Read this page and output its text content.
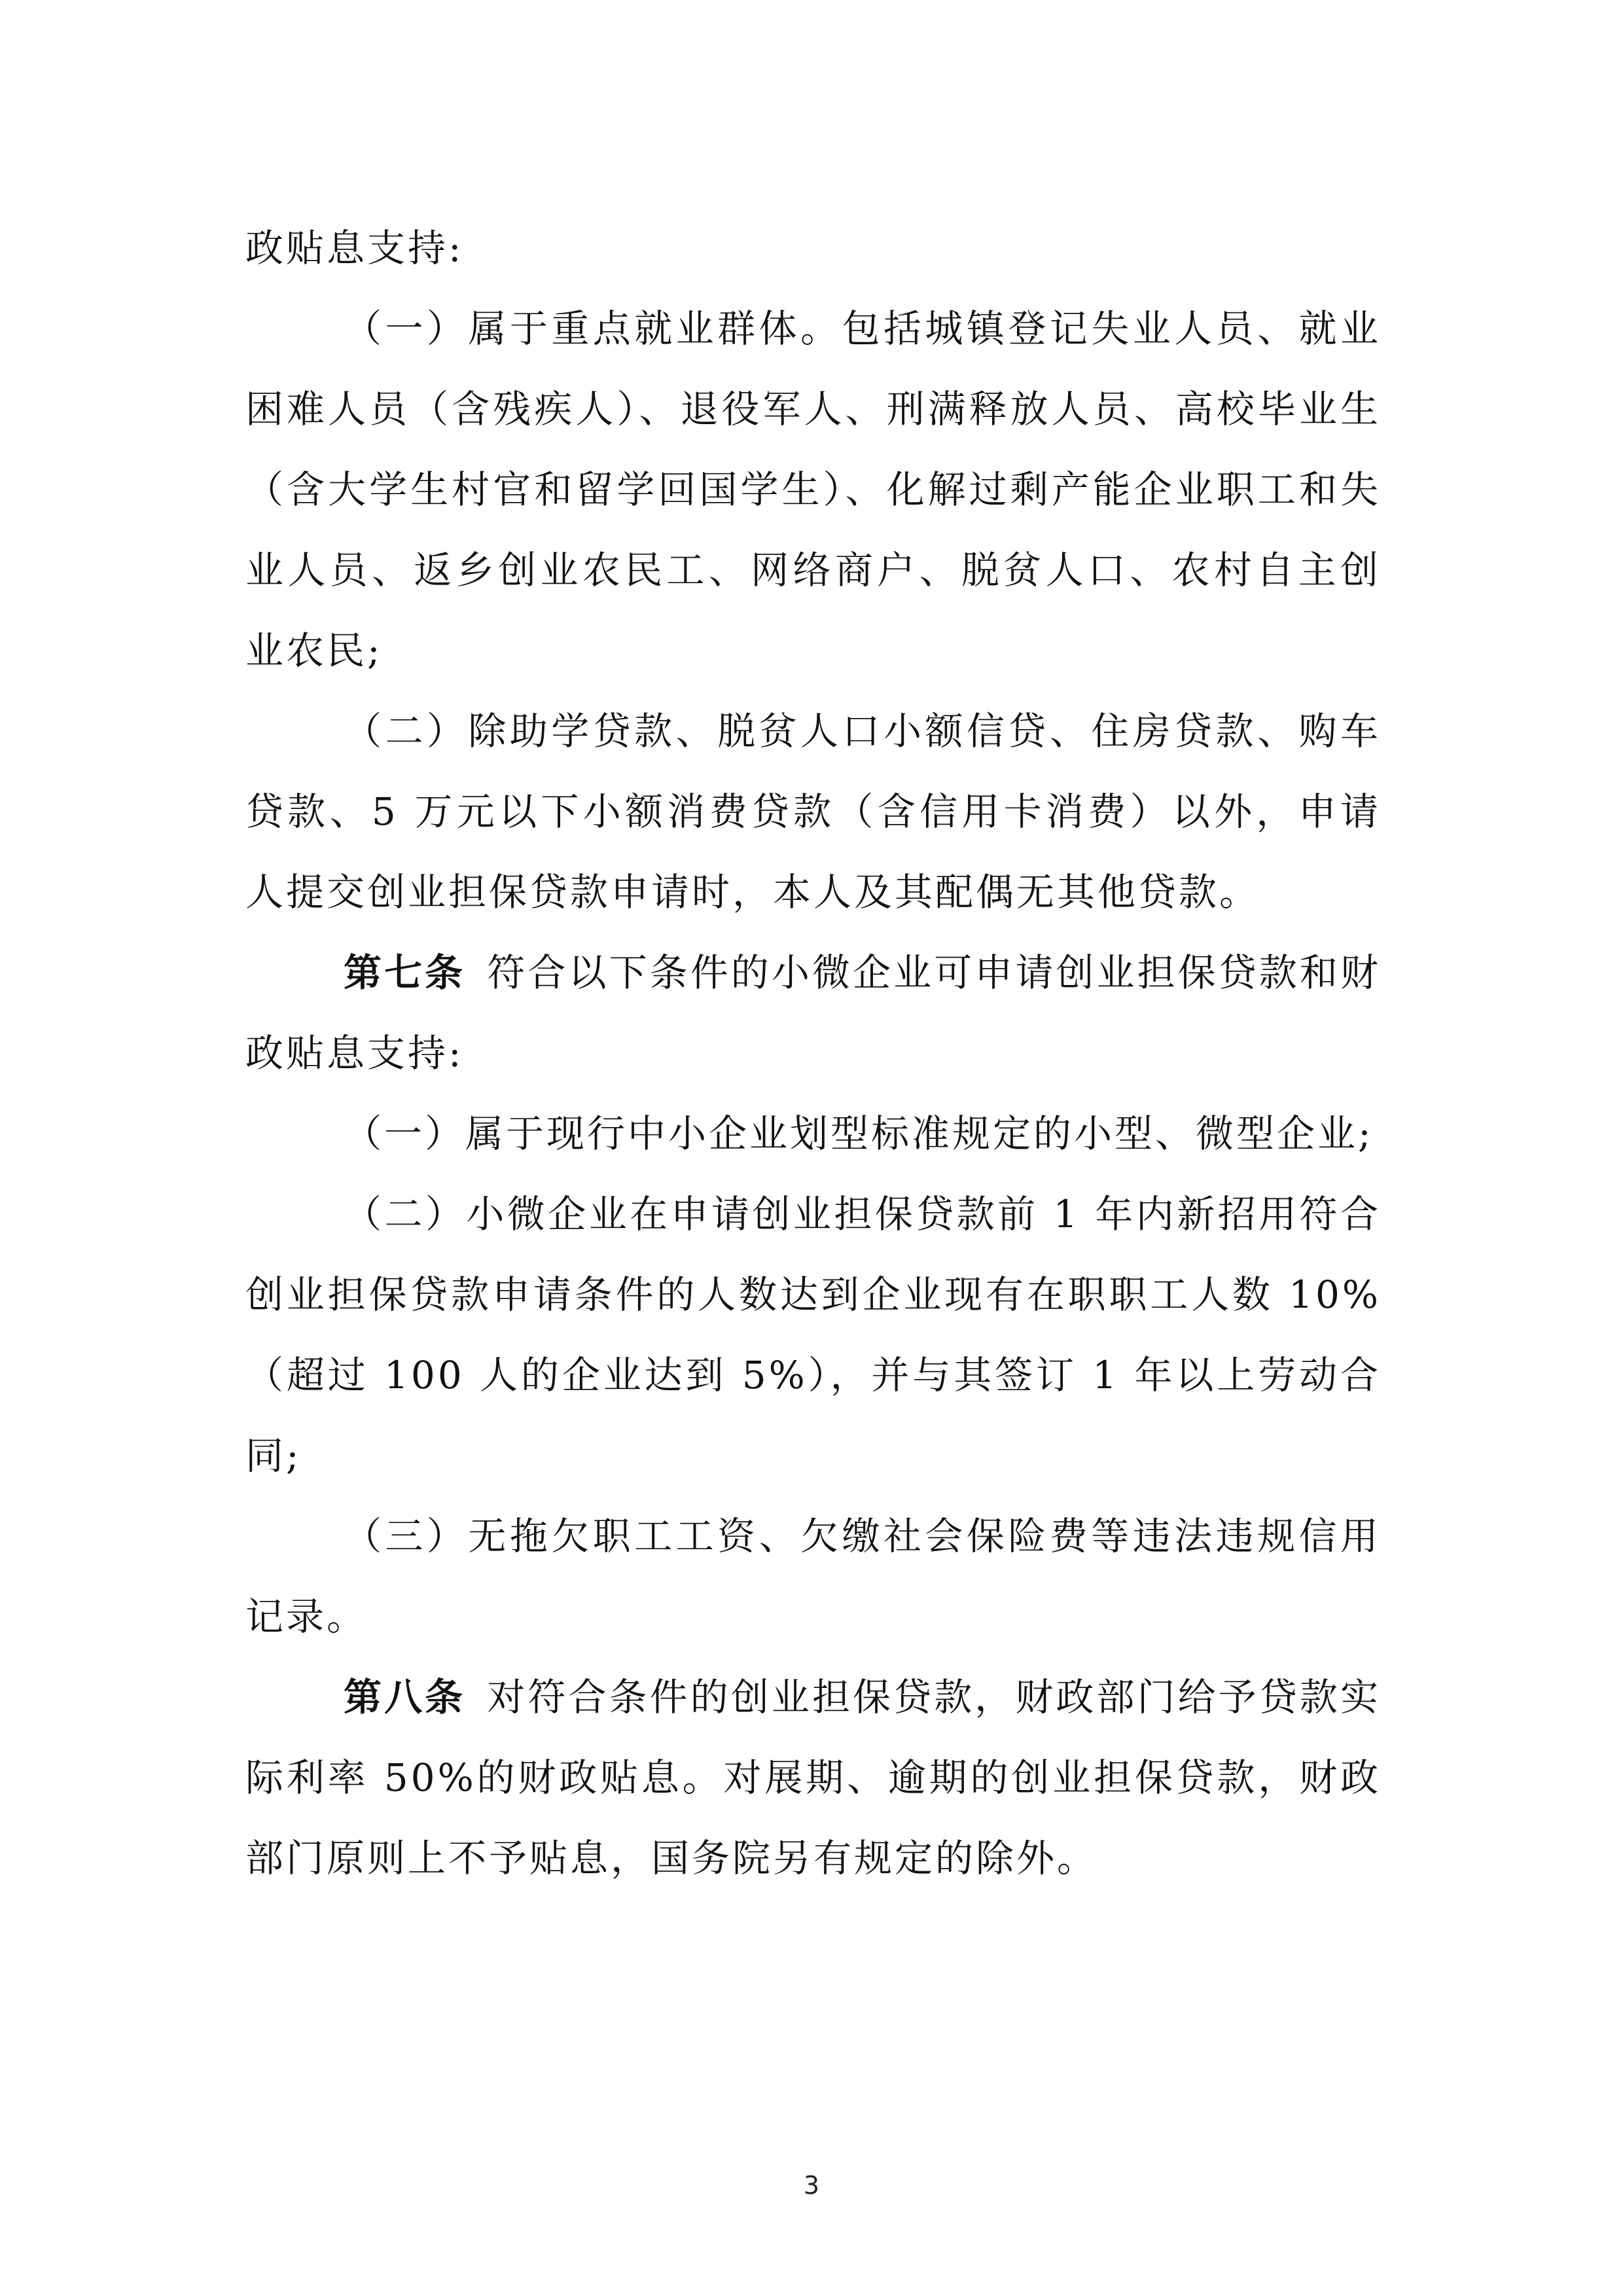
政贴息支持:

（一）属于重点就业群体。包括城镇登记失业人员、就业困难人员（含残疾人）、退役军人、刑满释放人员、高校毕业生（含大学生村官和留学回国学生）、化解过剩产能企业职工和失业人员、返乡创业农民工、网络商户、脱贫人口、农村自主创业农民;

（二）除助学贷款、脱贫人口小额信贷、住房贷款、购车贷款、5 万元以下小额消费贷款（含信用卡消费）以外，申请人提交创业担保贷款申请时，本人及其配偶无其他贷款。

第七条  符合以下条件的小微企业可申请创业担保贷款和财政贴息支持:

（一）属于现行中小企业划型标准规定的小型、微型企业;

（二）小微企业在申请创业担保贷款前 1 年内新招用符合创业担保贷款申请条件的人数达到企业现有在职职工人数 10%（超过 100 人的企业达到 5%），并与其签订 1 年以上劳动合同;

（三）无拖欠职工工资、欠缴社会保险费等违法违规信用记录。

第八条  对符合条件的创业担保贷款，财政部门给予贷款实际利率 50%的财政贴息。对展期、逾期的创业担保贷款，财政部门原则上不予贴息，国务院另有规定的除外。

3
